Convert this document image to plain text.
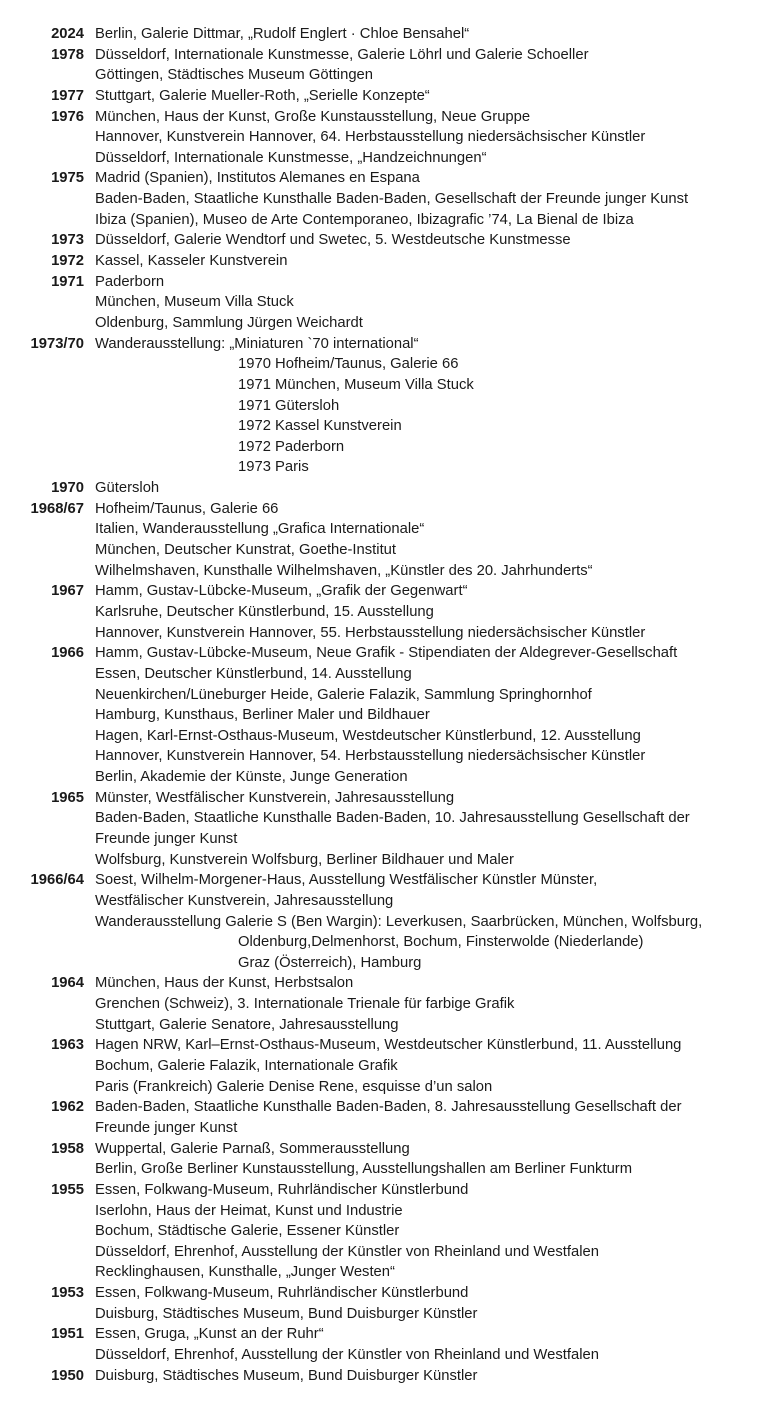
2024 Berlin, Galerie Dittmar, „Rudolf Englert · Chloe Bensahel“
1978 Düsseldorf, Internationale Kunstmesse, Galerie Löhrl und Galerie Schoeller
Göttingen, Städtisches Museum Göttingen
1977 Stuttgart, Galerie Mueller-Roth, „Serielle Konzepte“
1976 München, Haus der Kunst, Große Kunstausstellung, Neue Gruppe
Hannover, Kunstverein Hannover, 64. Herbstausstellung niedersächsischer Künstler
Düsseldorf, Internationale Kunstmesse, „Handzeichnungen“
1975 Madrid (Spanien), Institutos Alemanes en Espana
Baden-Baden, Staatliche Kunsthalle Baden-Baden, Gesellschaft der Freunde junger Kunst
Ibiza (Spanien), Museo de Arte Contemporaneo, Ibizagrafic ’74, La Bienal de Ibiza
1973 Düsseldorf, Galerie Wendtorf und Swetec, 5. Westdeutsche Kunstmesse
1972 Kassel, Kasseler Kunstverein
1971 Paderborn
München, Museum Villa Stuck
Oldenburg, Sammlung Jürgen Weichardt
1973/70 Wanderausstellung: „Miniaturen `70 international“
1970 Hofheim/Taunus, Galerie 66
1971 München, Museum Villa Stuck
1971 Gütersloh
1972 Kassel Kunstverein
1972 Paderborn
1973 Paris
1970 Gütersloh
1968/67 Hofheim/Taunus, Galerie 66
Italien, Wanderausstellung „Grafica Internationale“
München, Deutscher Kunstrat, Goethe-Institut
Wilhelmshaven, Kunsthalle Wilhelmshaven, „Künstler des 20. Jahrhunderts“
1967 Hamm, Gustav-Lübcke-Museum, „Grafik der Gegenwart“
Karlsruhe, Deutscher Künstlerbund, 15. Ausstellung
Hannover, Kunstverein Hannover, 55. Herbstausstellung niedersächsischer Künstler
1966 Hamm, Gustav-Lübcke-Museum, Neue Grafik - Stipendiaten der Aldegrever-Gesellschaft
Essen, Deutscher Künstlerbund, 14. Ausstellung
Neuenkirchen/Lüneburger Heide, Galerie Falazik, Sammlung Springhornhof
Hamburg, Kunsthaus, Berliner Maler und Bildhauer
Hagen, Karl-Ernst-Osthaus-Museum, Westdeutscher Künstlerbund, 12. Ausstellung
Hannover, Kunstverein Hannover, 54. Herbstausstellung niedersächsischer Künstler
Berlin, Akademie der Künste, Junge Generation
1965 Münster, Westfälischer Kunstverein, Jahresausstellung
Baden-Baden, Staatliche Kunsthalle Baden-Baden, 10. Jahresausstellung Gesellschaft der
Freunde junger Kunst
Wolfsburg, Kunstverein Wolfsburg, Berliner Bildhauer und Maler
1966/64 Soest, Wilhelm-Morgener-Haus, Ausstellung Westfälischer Künstler Münster,
Westfälischer Kunstverein, Jahresausstellung
Wanderausstellung Galerie S (Ben Wargin): Leverkusen, Saarbrücken, München, Wolfsburg,
Oldenburg,Delmenhorst, Bochum, Finsterwolde (Niederlande)
Graz (Österreich), Hamburg
1964 München, Haus der Kunst, Herbstsalon
Grenchen (Schweiz), 3. Internationale Trienale für farbige Grafik
Stuttgart, Galerie Senatore, Jahresausstellung
1963 Hagen NRW, Karl–Ernst-Osthaus-Museum, Westdeutscher Künstlerbund, 11. Ausstellung
Bochum, Galerie Falazik, Internationale Grafik
Paris (Frankreich) Galerie Denise Rene, esquisse d’un salon
1962 Baden-Baden, Staatliche Kunsthalle Baden-Baden, 8. Jahresausstellung Gesellschaft der
Freunde junger Kunst
1958 Wuppertal, Galerie Parnaß, Sommerausstellung
Berlin, Große Berliner Kunstausstellung, Ausstellungshallen am Berliner Funkturm
1955 Essen, Folkwang-Museum, Ruhrländischer Künstlerbund
Iserlohn, Haus der Heimat, Kunst und Industrie
Bochum, Städtische Galerie, Essener Künstler
Düsseldorf, Ehrenhof, Ausstellung der Künstler von Rheinland und Westfalen
Recklinghausen, Kunsthalle, „Junger Westen“
1953 Essen, Folkwang-Museum, Ruhrländischer Künstlerbund
Duisburg, Städtisches Museum, Bund Duisburger Künstler
1951 Essen, Gruga, „Kunst an der Ruhr“
Düsseldorf, Ehrenhof, Ausstellung der Künstler von Rheinland und Westfalen
1950 Duisburg, Städtisches Museum, Bund Duisburger Künstler
